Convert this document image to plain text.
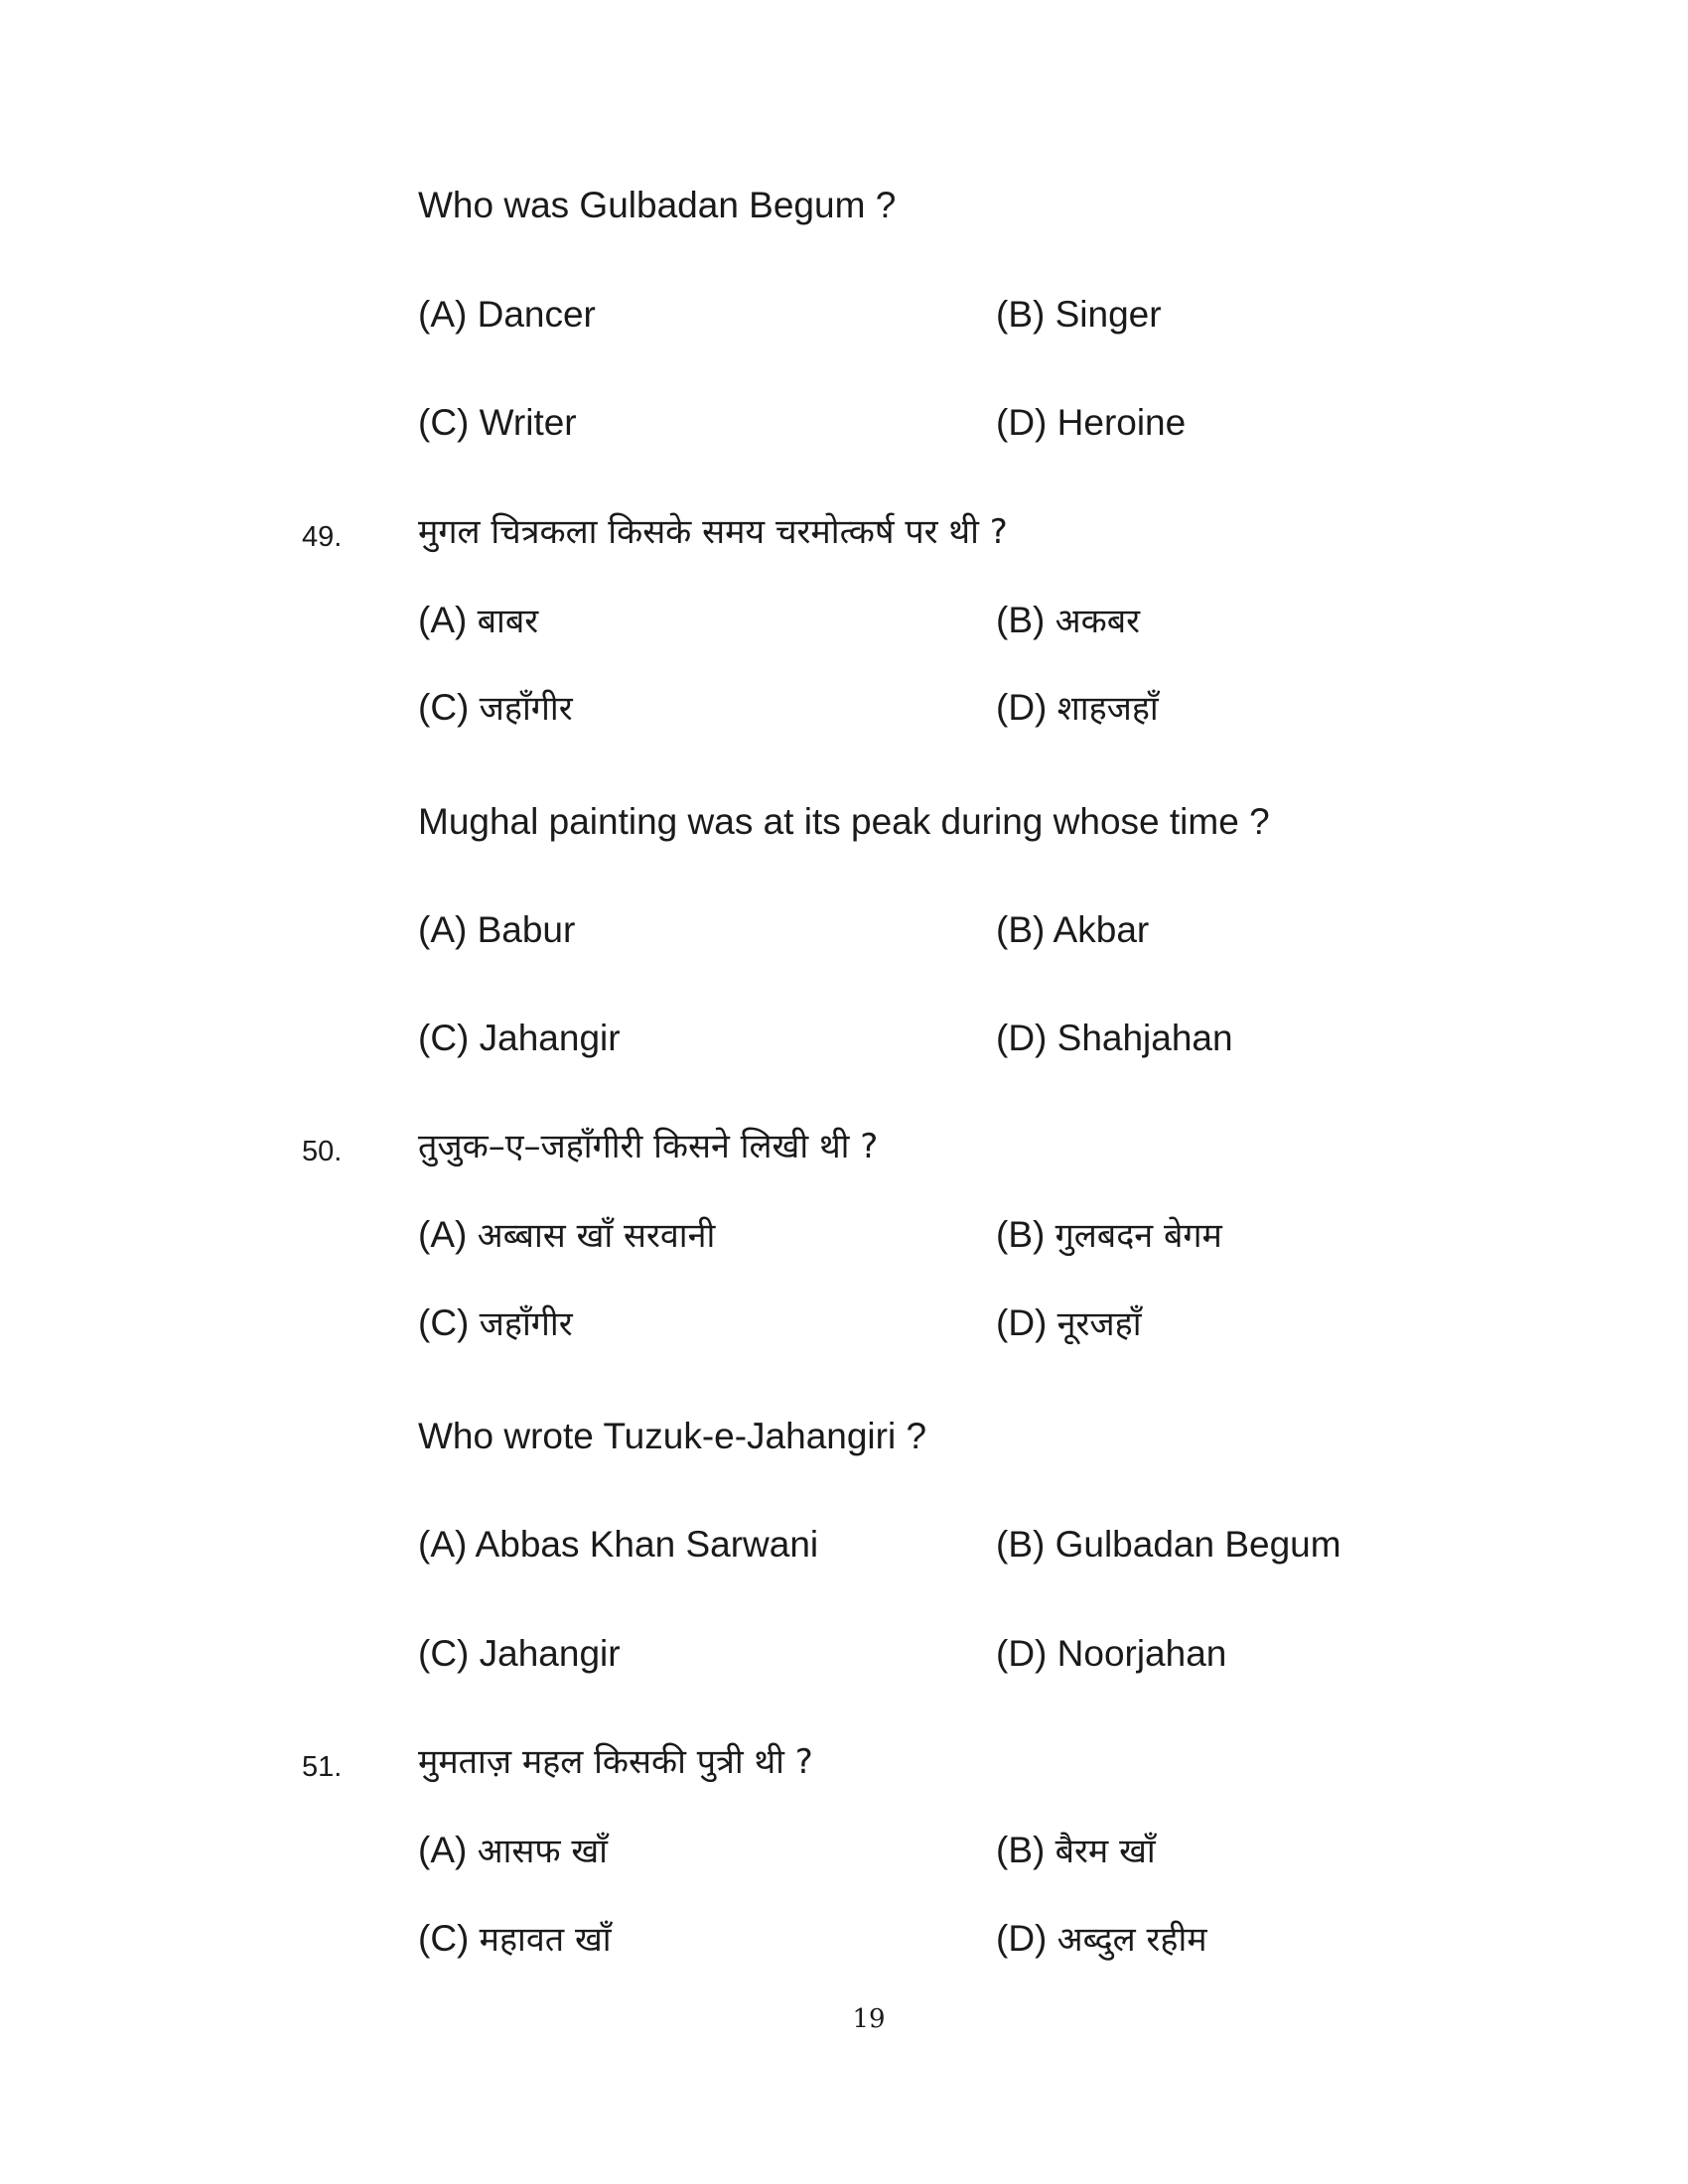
Who was Gulbadan Begum ?
(A) Dancer	(B) Singer
(C) Writer	(D) Heroine
49. मुगल चित्रकला किसके समय चरमोत्कर्ष पर थी ?
(A) बाबर	(B) अकबर
(C) जहाँगीर	(D) शाहजहाँ
Mughal painting was at its peak during whose time ?
(A) Babur	(B) Akbar
(C) Jahangir	(D) Shahjahan
50. तुजुक–ए–जहाँगीरी किसने लिखी थी ?
(A) अब्बास खाँ सरवानी	(B) गुलबदन बेगम
(C) जहाँगीर	(D) नूरजहाँ
Who wrote Tuzuk-e-Jahangiri ?
(A) Abbas Khan Sarwani	(B) Gulbadan Begum
(C) Jahangir	(D) Noorjahan
51. मुमताज़ महल किसकी पुत्री थी ?
(A) आसफ खाँ	(B) बैरम खाँ
(C) महावत खाँ	(D) अब्दुल रहीम
19
